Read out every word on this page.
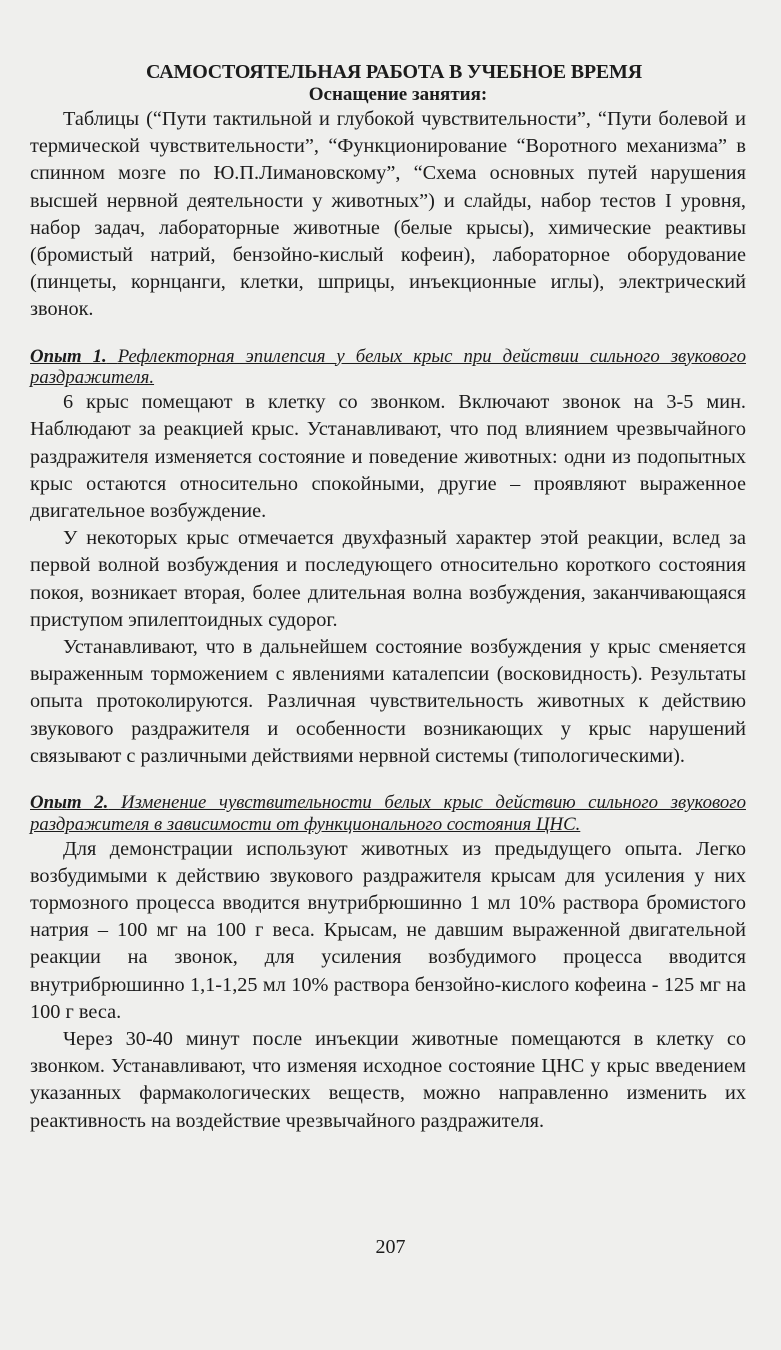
САМОСТОЯТЕЛЬНАЯ РАБОТА В УЧЕБНОЕ ВРЕМЯ
Оснащение занятия:

Таблицы (“Пути тактильной и глубокой чувствительности”, “Пути болевой и термической чувствительности”, “Функционирование “Воротного механизма” в спинном мозге по Ю.П.Лимановскому”, “Схема основных путей нарушения высшей нервной деятельности у животных”) и слайды, набор тестов I уровня, набор задач, лабораторные животные (белые крысы), химические реактивы (бромистый натрий, бензойно-кислый кофеин), лабораторное оборудование (пинцеты, корнцанги, клетки, шприцы, инъекционные иглы), электрический звонок.

Опыт 1. Рефлекторная эпилепсия у белых крыс при действии сильного звукового раздражителя.

6 крыс помещают в клетку со звонком. Включают звонок на 3-5 мин. Наблюдают за реакцией крыс. Устанавливают, что под влиянием чрезвычайного раздражителя изменяется состояние и поведение животных: одни из подопытных крыс остаются относительно спокойными, другие – проявляют выраженное двигательное возбуждение.

У некоторых крыс отмечается двухфазный характер этой реакции, вслед за первой волной возбуждения и последующего относительно короткого состояния покоя, возникает вторая, более длительная волна возбуждения, заканчивающаяся приступом эпилептоидных судорог.

Устанавливают, что в дальнейшем состояние возбуждения у крыс сменяется выраженным торможением с явлениями каталепсии (восковидность). Результаты опыта протоколируются. Различная чувствительность животных к действию звукового раздражителя и особенности возникающих у крыс нарушений связывают с различными действиями нервной системы (типологическими).

Опыт 2. Изменение чувствительности белых крыс действию сильного звукового раздражителя в зависимости от функционального состояния ЦНС.

Для демонстрации используют животных из предыдущего опыта. Легко возбудимыми к действию звукового раздражителя крысам для усиления у них тормозного процесса вводится внутрибрюшинно 1 мл 10% раствора бромистого натрия – 100 мг на 100 г веса. Крысам, не давшим выраженной двигательной реакции на звонок, для усиления возбудимого процесса вводится внутрибрюшинно 1,1-1,25 мл 10% раствора бензойно-кислого кофеина - 125 мг на 100 г веса.

Через 30-40 минут после инъекции животные помещаются в клетку со звонком. Устанавливают, что изменяя исходное состояние ЦНС у крыс введением указанных фармакологических веществ, можно направленно изменить их реактивность на воздействие чрезвычайного раздражителя.

207
